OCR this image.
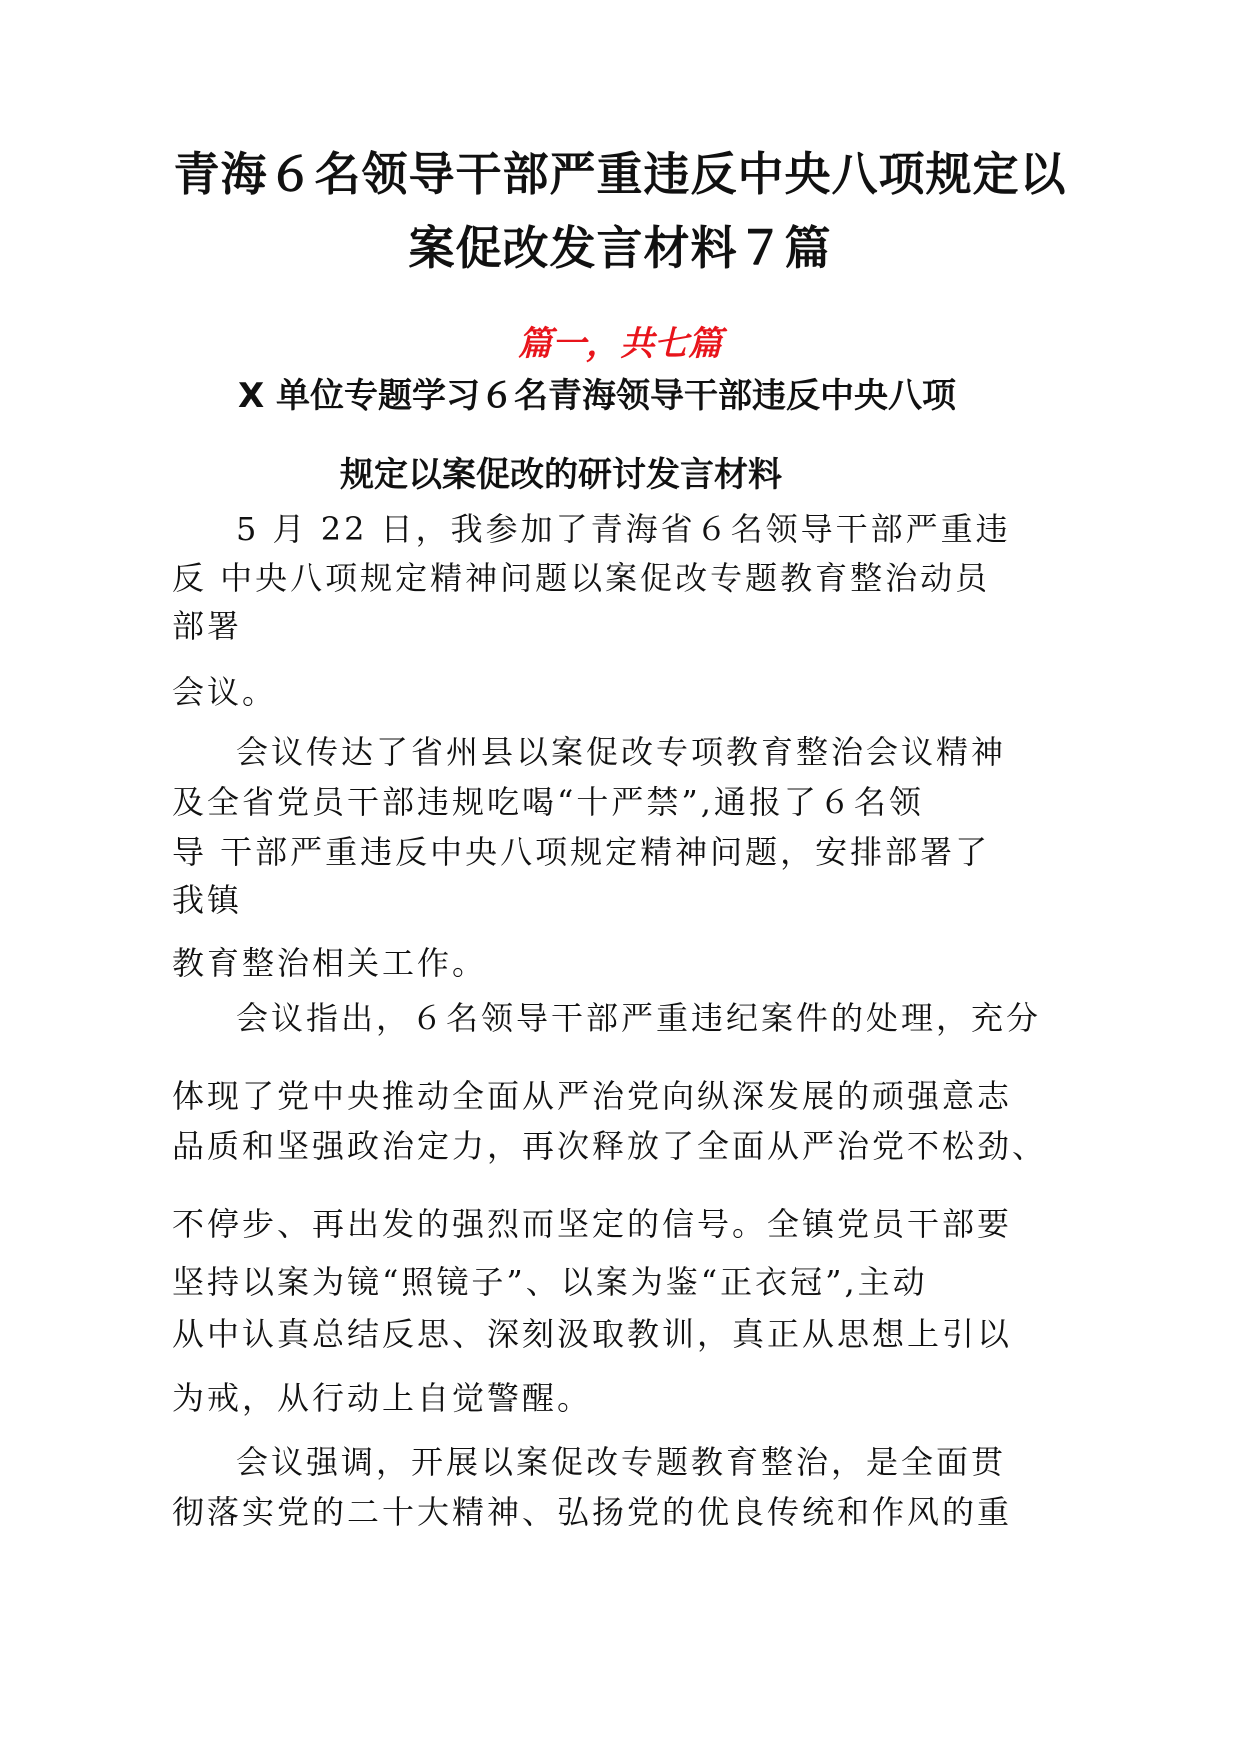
青海６名领导干部严重违反中央八项规定以
案促改发言材料７篇
篇一，共七篇
X 单位专题学习６名青海领导干部违反中央八项
规定以案促改的研讨发言材料
5 月 22 日，我参加了青海省６名领导干部严重违
反 中央八项规定精神问题以案促改专题教育整治动员
部署
会议。
会议传达了省州县以案促改专项教育整治会议精神
及全省党员干部违规吃喝“十严禁”,通报了６名领
导 干部严重违反中央八项规定精神问题，安排部署了
我镇
教育整治相关工作。
会议指出，６名领导干部严重违纪案件的处理，充分
体现了党中央推动全面从严治党向纵深发展的顽强意志
品质和坚强政治定力，再次释放了全面从严治党不松劲、
不停步、再出发的强烈而坚定的信号。全镇党员干部要
坚持以案为镜“照镜子”、以案为鉴“正衣冠”,主动
从中认真总结反思、深刻汲取教训，真正从思想上引以
为戒，从行动上自觉警醒。
会议强调，开展以案促改专题教育整治，是全面贯
彻落实党的二十大精神、弘扬党的优良传统和作风的重
